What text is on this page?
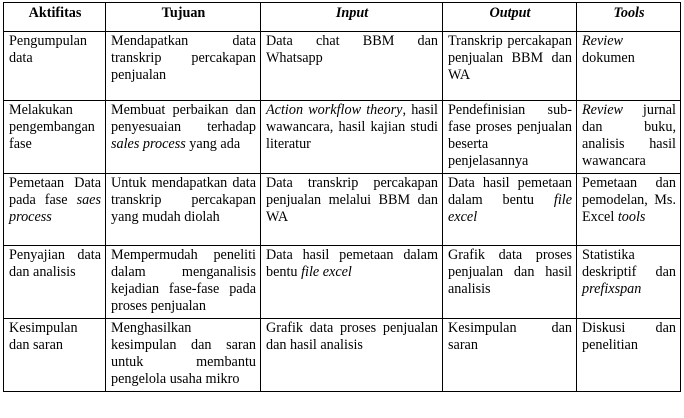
Aktifitas	Tujuan	Input	Output	Tools
Pengumpulan data	Mendapatkan data transkrip percakapan penjualan	Data chat BBM dan Whatsapp	Transkrip percakapan penjualan BBM dan WA	Review dokumen
Melakukan pengembangan fase	Membuat perbaikan dan penyesuaian terhadap sales process yang ada	Action workflow theory, hasil wawancara, hasil kajian studi literatur	Pendefinisian sub-fase proses penjualan beserta penjelasannya	Review jurnal dan buku, analisis hasil wawancara
Pemetaan Data pada fase saes process	Untuk mendapatkan data transkrip percakapan yang mudah diolah	Data transkrip percakapan penjualan melalui BBM dan WA	Data hasil pemetaan dalam bentu file excel	Pemetaan dan pemodelan, Ms. Excel tools
Penyajian data dan analisis	Mempermudah peneliti dalam menganalisis kejadian fase-fase pada proses penjualan	Data hasil pemetaan dalam bentu file excel	Grafik data proses penjualan dan hasil analisis	Statistika deskriptif dan prefixspan
Kesimpulan dan saran	Menghasilkan kesimpulan dan saran untuk membantu pengelola usaha mikro	Grafik data proses penjualan dan hasil analisis	Kesimpulan dan saran	Diskusi dan penelitian
